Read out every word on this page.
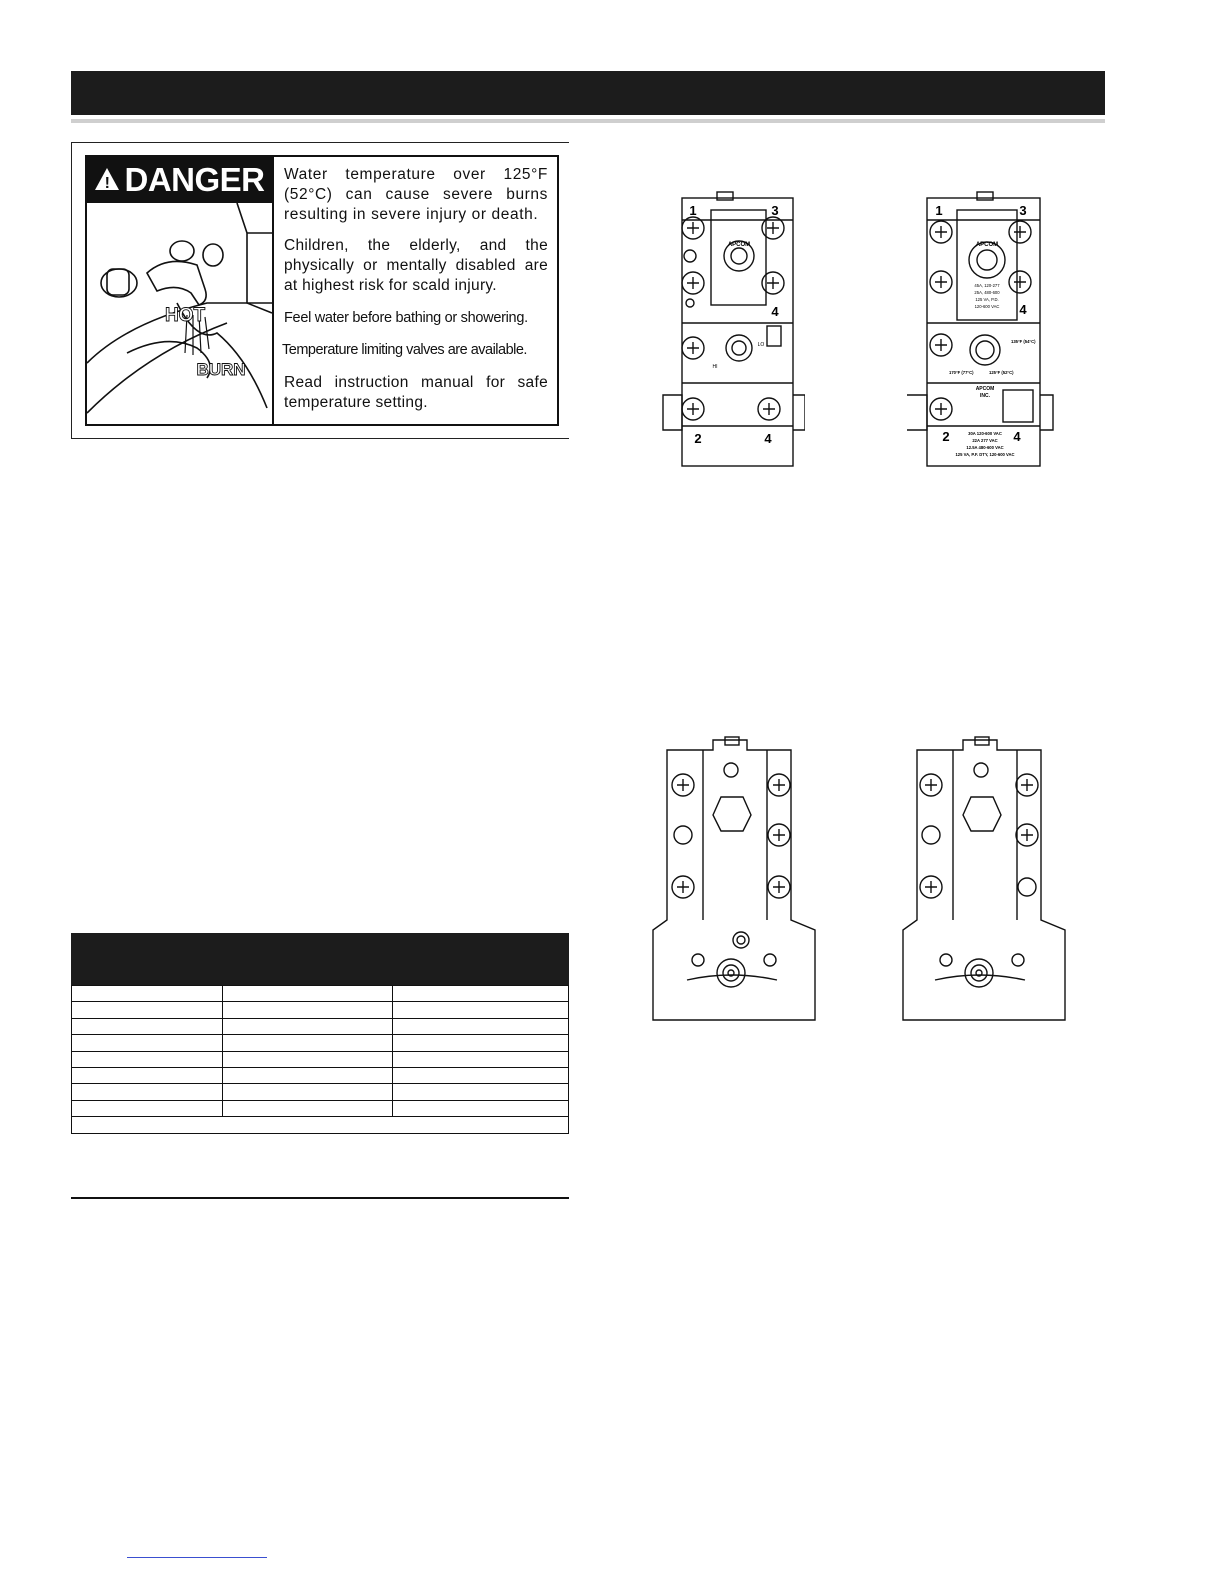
! DANGER Water temperature over 125°F (52°C) can cause severe burns resulting in severe injury or death.
Children, the elderly, and the physically or mentally disabled are at highest risk for scald injury.
Feel water before bathing or showering.
Temperature limiting valves are available.
Read instruction manual for safe temperature setting.
HOT
BURN

1	3
4
2	4
APCOM
LO
HI
1	3
4
2	4
APCOM
45A, 120-277
25A, 480-600
125 VA, P.D.
120-600 VAC
135°F (54°C)
170°F (77°C)	125°F (52°C)
APCOM
INC.
30A 120-600 VAC
22A 277 VAC
12.5A 480-600 VAC
125 VA, P.F. DTY, 120-600 VAC
